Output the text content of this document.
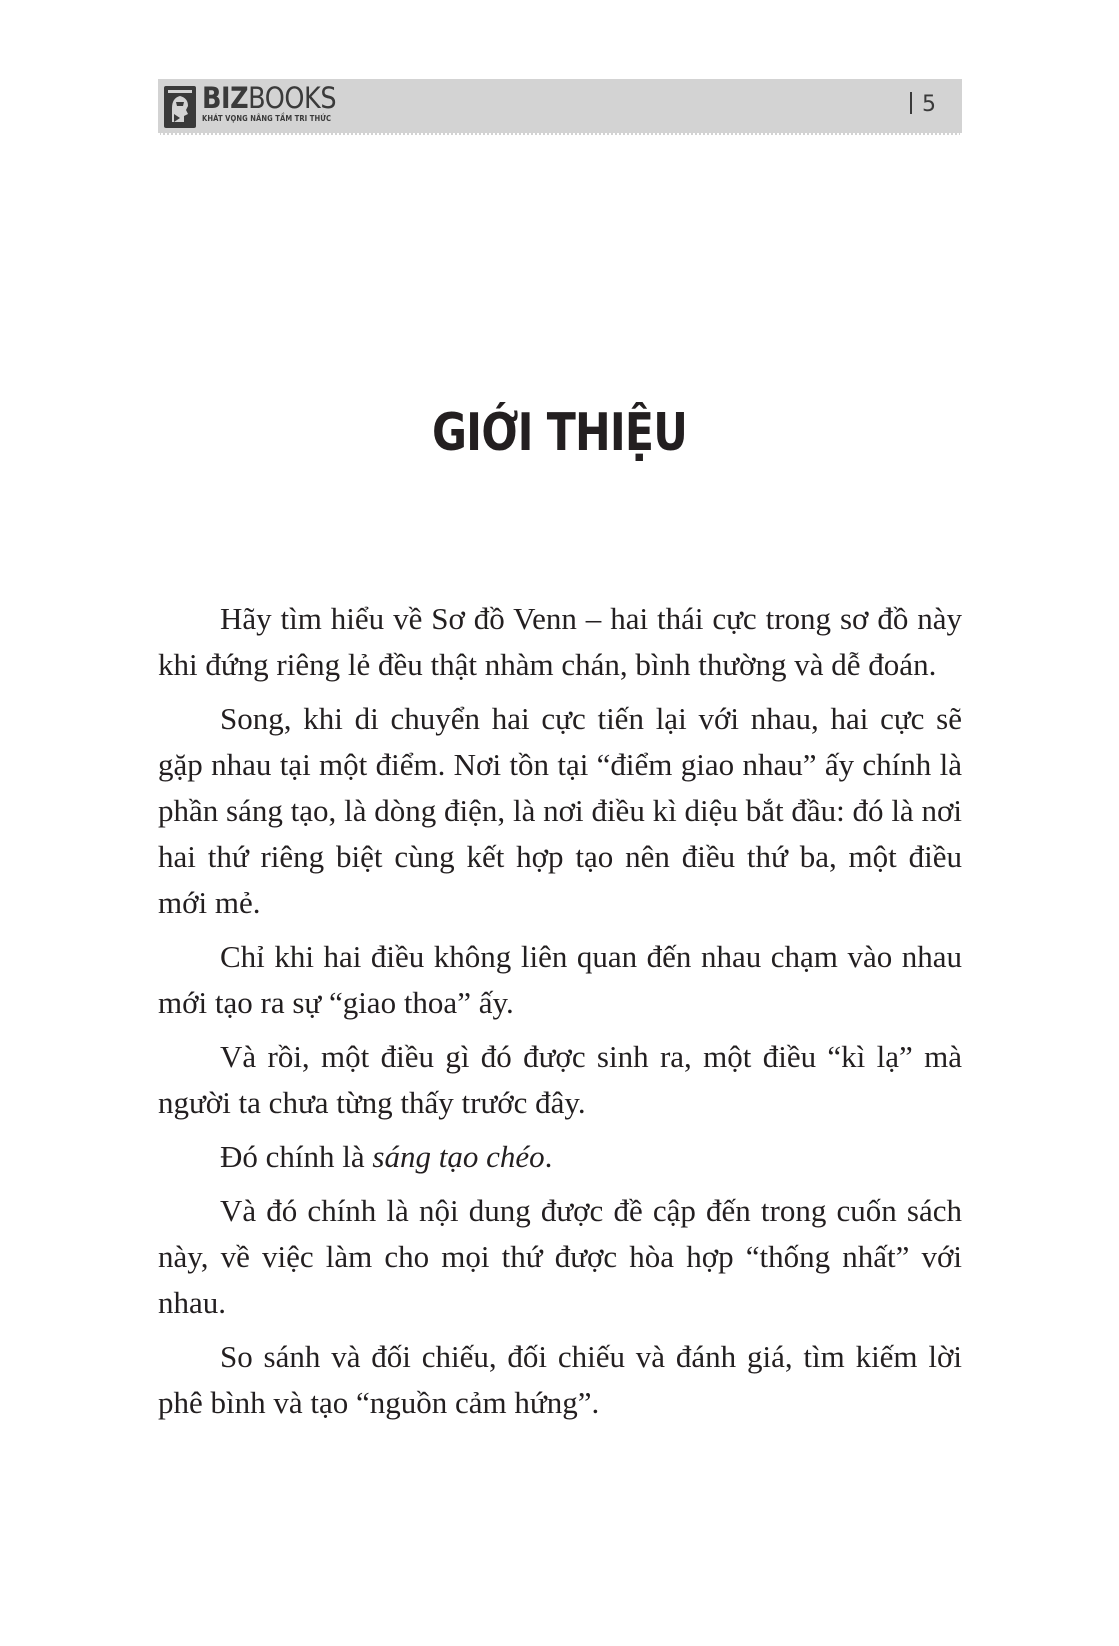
BIZBOOKS
KHÁT VỌNG NÂNG TẦM TRI THỨC
5
GIỚI THIỆU

Hãy tìm hiểu về Sơ đồ Venn – hai thái cực trong sơ đồ này khi đứng riêng lẻ đều thật nhàm chán, bình thường và dễ đoán.

Song, khi di chuyển hai cực tiến lại với nhau, hai cực sẽ gặp nhau tại một điểm. Nơi tồn tại “điểm giao nhau” ấy chính là phần sáng tạo, là dòng điện, là nơi điều kì diệu bắt đầu: đó là nơi hai thứ riêng biệt cùng kết hợp tạo nên điều thứ ba, một điều mới mẻ.

Chỉ khi hai điều không liên quan đến nhau chạm vào nhau mới tạo ra sự “giao thoa” ấy.

Và rồi, một điều gì đó được sinh ra, một điều “kì lạ” mà người ta chưa từng thấy trước đây.

Đó chính là sáng tạo chéo.

Và đó chính là nội dung được đề cập đến trong cuốn sách này, về việc làm cho mọi thứ được hòa hợp “thống nhất” với nhau.

So sánh và đối chiếu, đối chiếu và đánh giá, tìm kiếm lời phê bình và tạo “nguồn cảm hứng”.
